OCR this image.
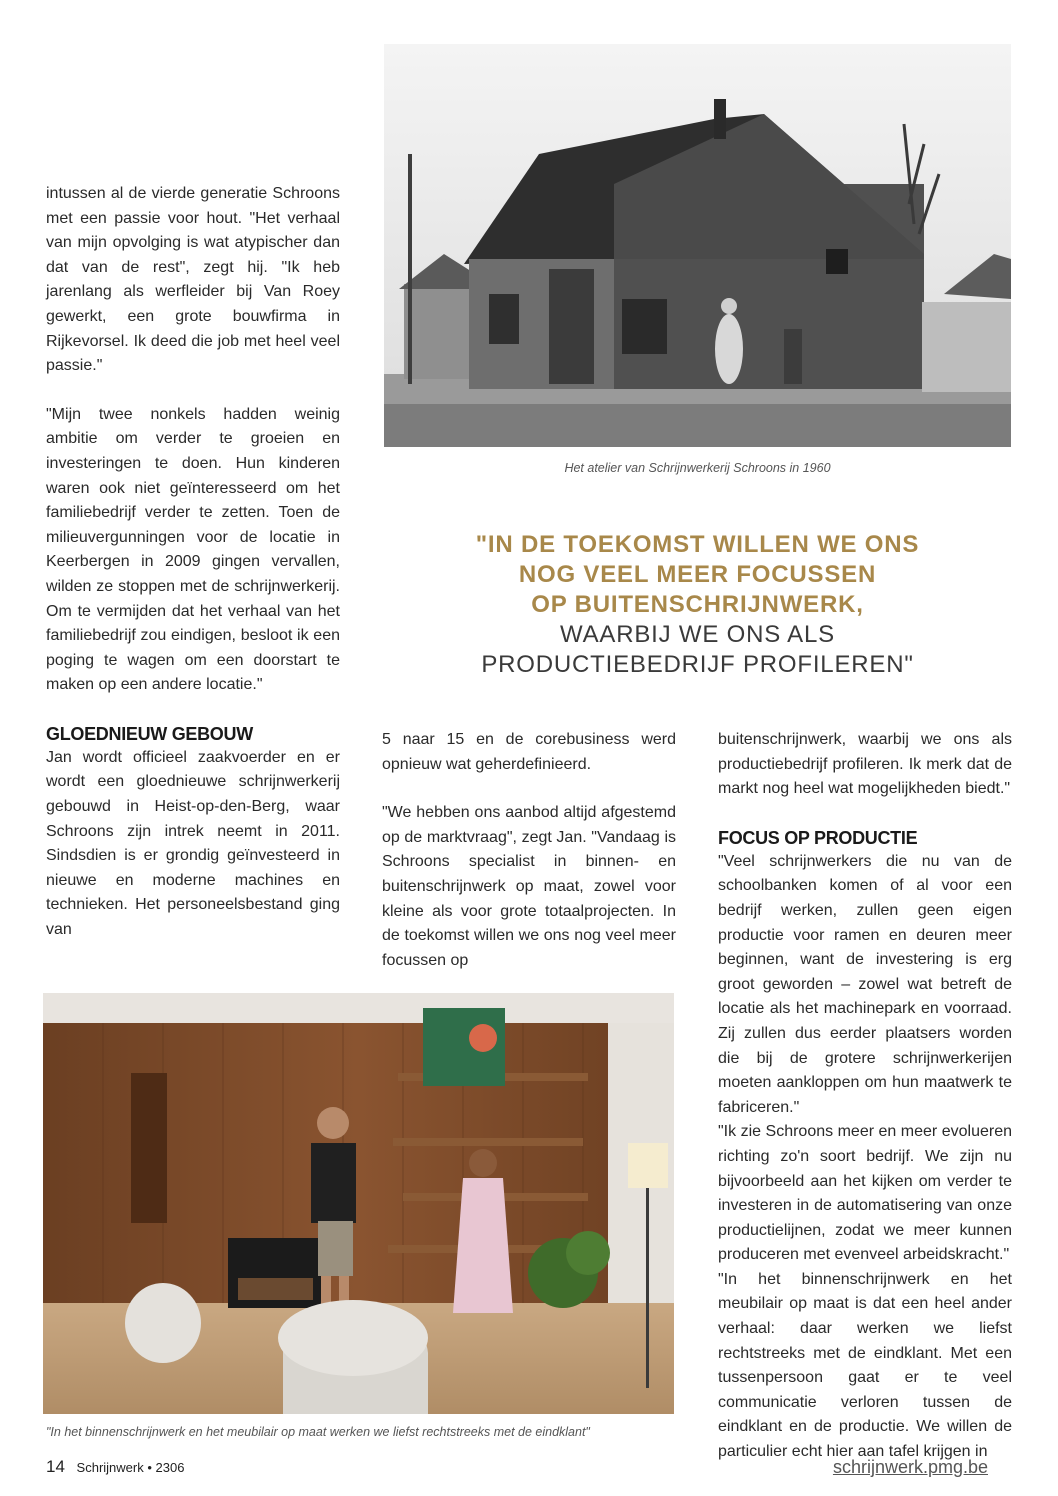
intussen al de vierde generatie Schroons met een passie voor hout. "Het verhaal van mijn opvolging is wat atypischer dan dat van de rest", zegt hij. "Ik heb jarenlang als werfleider bij Van Roey gewerkt, een grote bouwfirma in Rijkevorsel. Ik deed die job met heel veel passie."

"Mijn twee nonkels hadden weinig ambitie om verder te groeien en investeringen te doen. Hun kinderen waren ook niet geïnteresseerd om het familiebedrijf verder te zetten. Toen de milieuvergunningen voor de locatie in Keerbergen in 2009 gingen vervallen, wilden ze stoppen met de schrijnwerkerij. Om te vermijden dat het verhaal van het familiebedrijf zou eindigen, besloot ik een poging te wagen om een doorstart te maken op een andere locatie."

GLOEDNIEUW GEBOUW

Jan wordt officieel zaakvoerder en er wordt een gloednieuwe schrijnwerkerij gebouwd in Heist-op-den-Berg, waar Schroons zijn intrek neemt in 2011. Sindsdien is er grondig geïnvesteerd in nieuwe en moderne machines en technieken. Het personeelsbestand ging van

Het atelier van Schrijnwerkerij Schroons in 1960
"IN DE TOEKOMST WILLEN WE ONS
NOG VEEL MEER FOCUSSEN
OP BUITENSCHRIJNWERK,
WAARBIJ WE ONS ALS
PRODUCTIEBEDRIJF PROFILEREN"

5 naar 15 en de corebusiness werd opnieuw wat geherdefinieerd.

"We hebben ons aanbod altijd afgestemd op de marktvraag", zegt Jan. "Vandaag is Schroons specialist in binnen- en buitenschrijnwerk op maat, zowel voor kleine als voor grote totaalprojecten. In de toekomst willen we ons nog veel meer focussen op

buitenschrijnwerk, waarbij we ons als productiebedrijf profileren. Ik merk dat de markt nog heel wat mogelijkheden biedt."

FOCUS OP PRODUCTIE

"Veel schrijnwerkers die nu van de schoolbanken komen of al voor een bedrijf werken, zullen geen eigen productie voor ramen en deuren meer beginnen, want de investering is erg groot geworden – zowel wat betreft de locatie als het machinepark en voorraad. Zij zullen dus eerder plaatsers worden die bij de grotere schrijnwerkerijen moeten aankloppen om hun maatwerk te fabriceren."

"Ik zie Schroons meer en meer evolueren richting zo'n soort bedrijf. We zijn nu bijvoorbeeld aan het kijken om verder te investeren in de automatisering van onze productielijnen, zodat we meer kunnen produceren met evenveel arbeidskracht."

"In het binnenschrijnwerk en het meubilair op maat is dat een heel ander verhaal: daar werken we liefst rechtstreeks met de eindklant. Met een tussenpersoon gaat er te veel communicatie verloren tussen de eindklant en de productie. We willen de particulier echt hier aan tafel krijgen in

"In het binnenschrijnwerk en het meubilair op maat werken we liefst rechtstreeks met de eindklant"
14 Schrijnwerk • 2306	schrijnwerk.pmg.be
